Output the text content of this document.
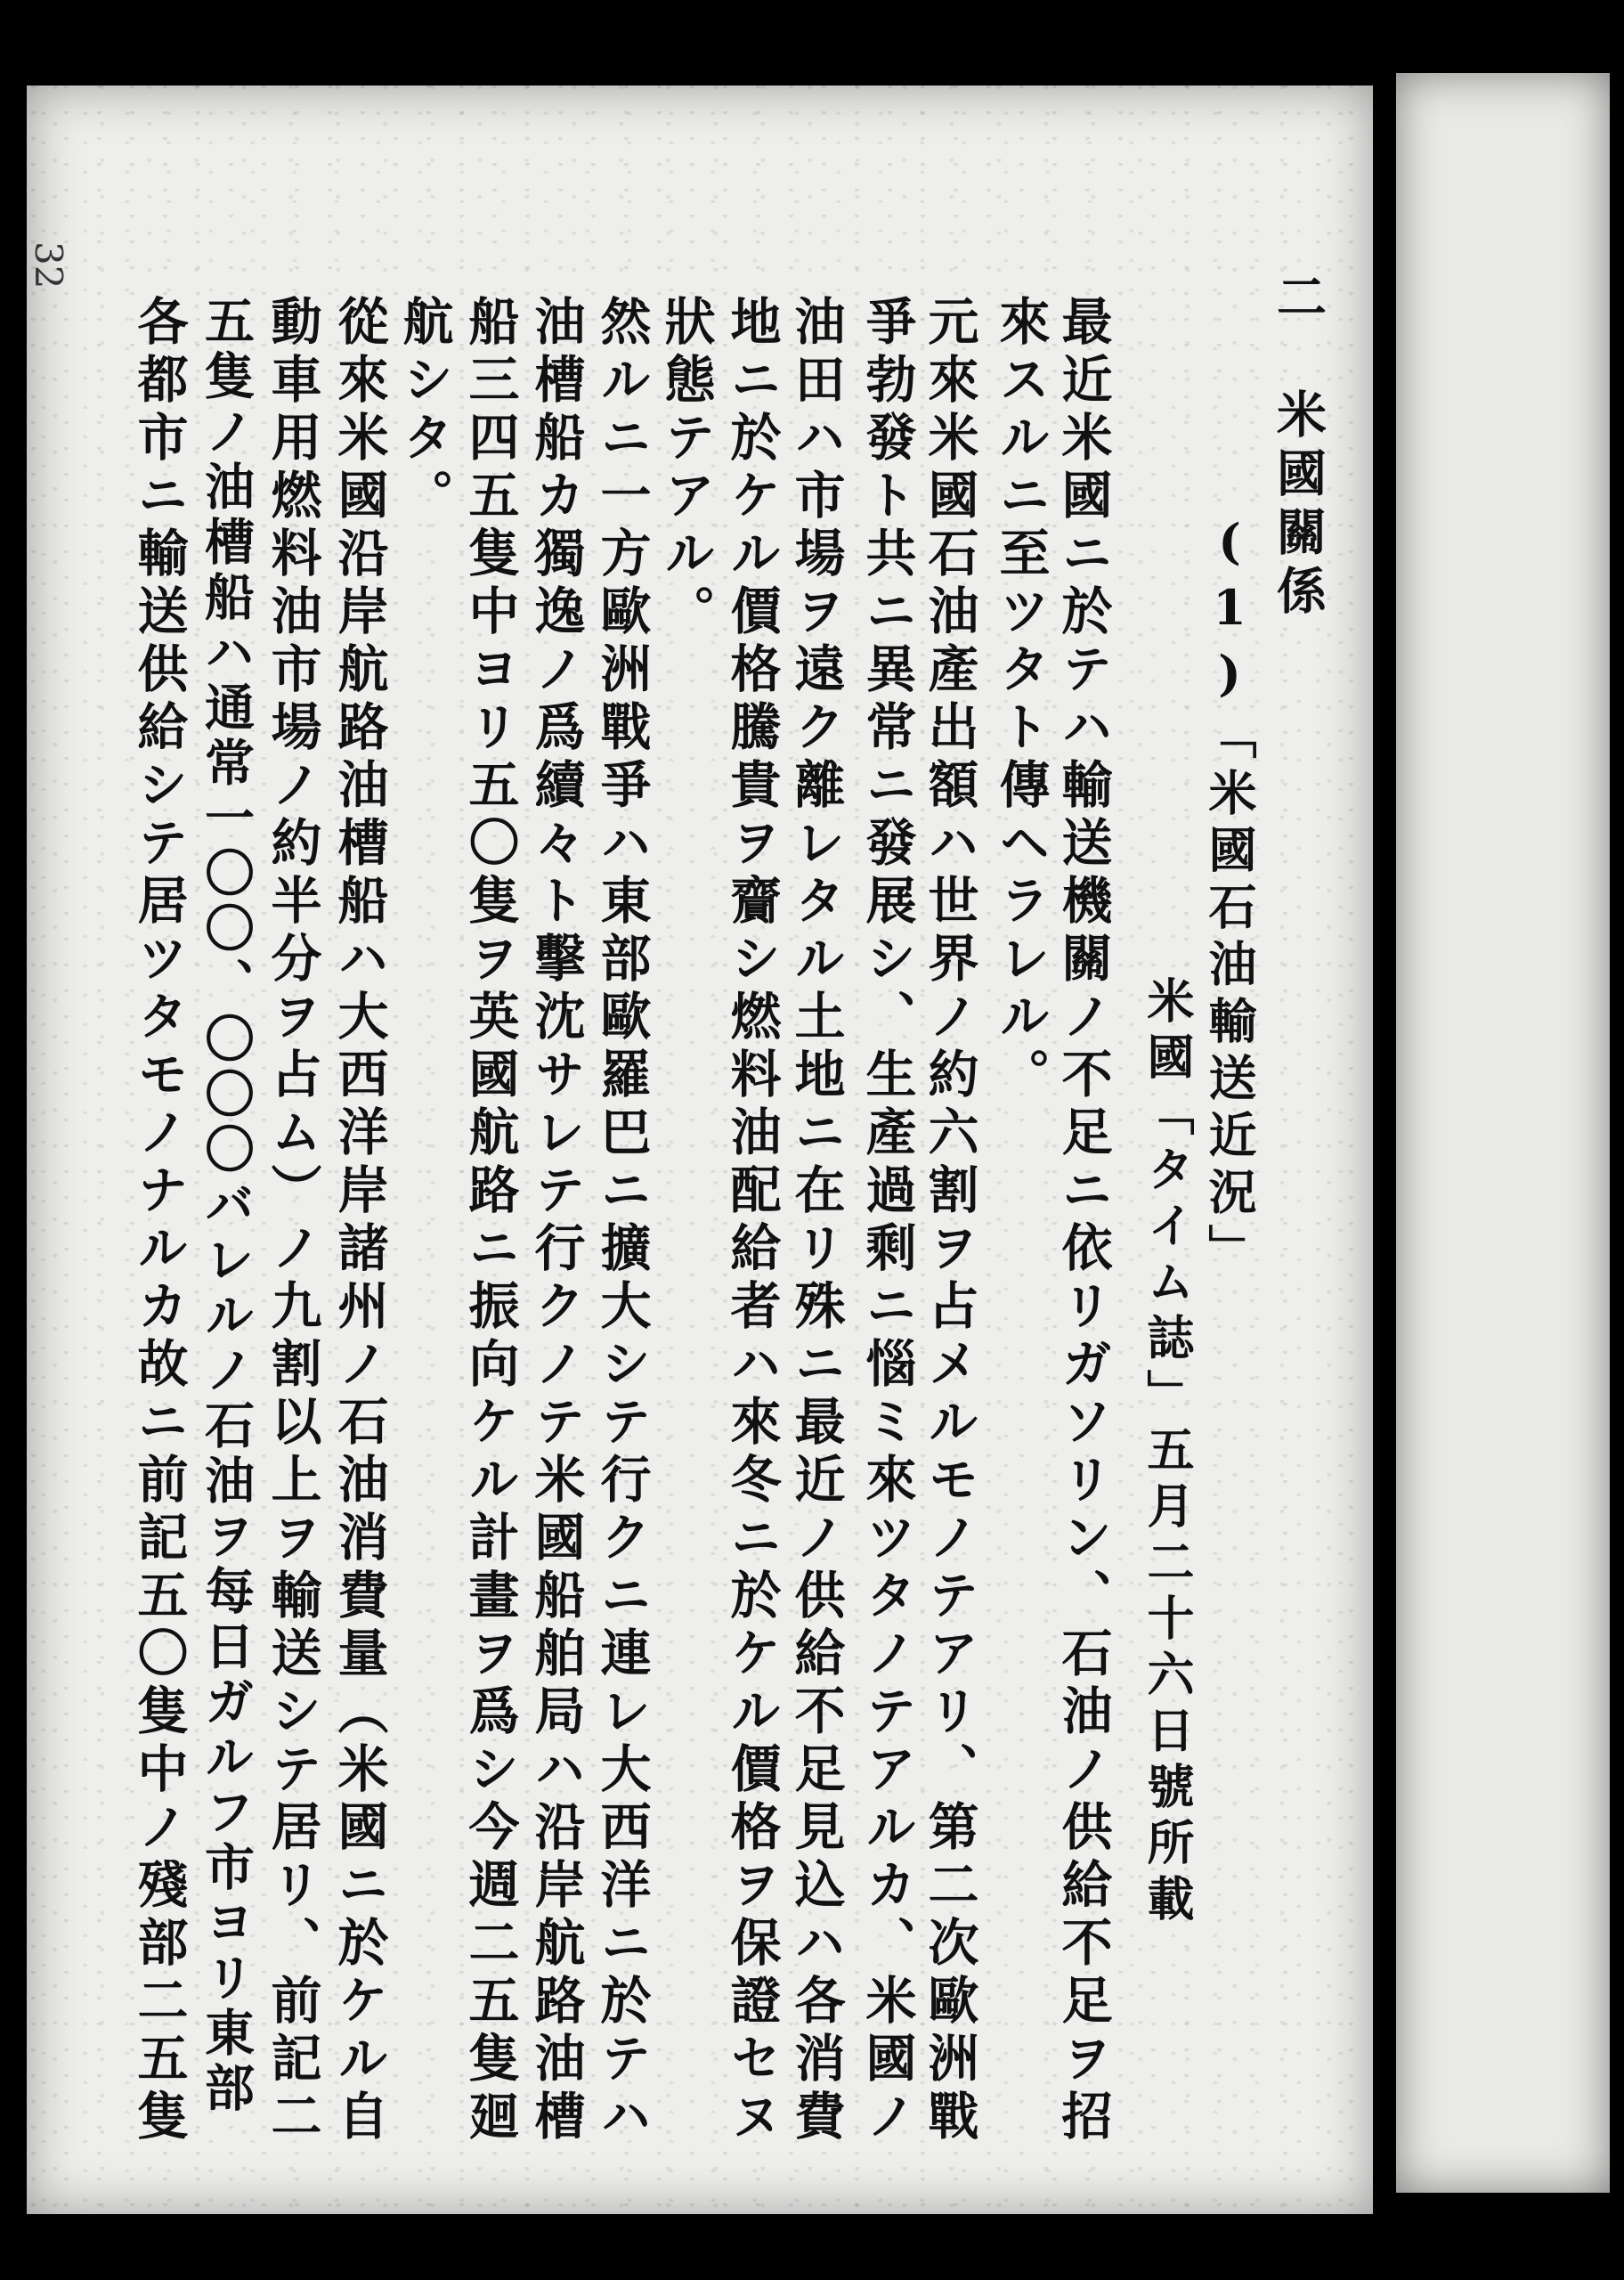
32
二　米國關係
(1)「米國石油輸送近況」
米國「タイム誌」五月二十六日號所載
最近米國ニ於テハ輸送機關ノ不足ニ依リガソリン、石油ノ供給不足ヲ招
來スルニ至ツタト傳ヘラレル。
元來米國石油產出額ハ世界ノ約六割ヲ占メルモノテアリ、第二次歐洲戰
爭勃發ト共ニ異常ニ發展シ、生產過剩ニ惱ミ來ツタノテアルカ、米國ノ
油田ハ市場ヲ遠ク離レタル土地ニ在リ殊ニ最近ノ供給不足見込ハ各消費
地ニ於ケル價格騰貴ヲ齎シ燃料油配給者ハ來冬ニ於ケル價格ヲ保證セヌ
狀態テアル。
然ルニ一方歐洲戰爭ハ東部歐羅巴ニ擴大シテ行クニ連レ大西洋ニ於テハ
油槽船カ獨逸ノ爲續々ト擊沈サレテ行クノテ米國船舶局ハ沿岸航路油槽
船三四五隻中ヨリ五〇隻ヲ英國航路ニ振向ケル計畫ヲ爲シ今週二五隻廻
航シタ。
從來米國沿岸航路油槽船ハ大西洋岸諸州ノ石油消費量（米國ニ於ケル自
動車用燃料油市場ノ約半分ヲ占ム）ノ九割以上ヲ輸送シテ居リ、前記二
五隻ノ油槽船ハ通常一〇〇、〇〇〇バレルノ石油ヲ每日ガルフ市ヨリ東部
各都市ニ輸送供給シテ居ツタモノナルカ故ニ前記五〇隻中ノ殘部二五隻
